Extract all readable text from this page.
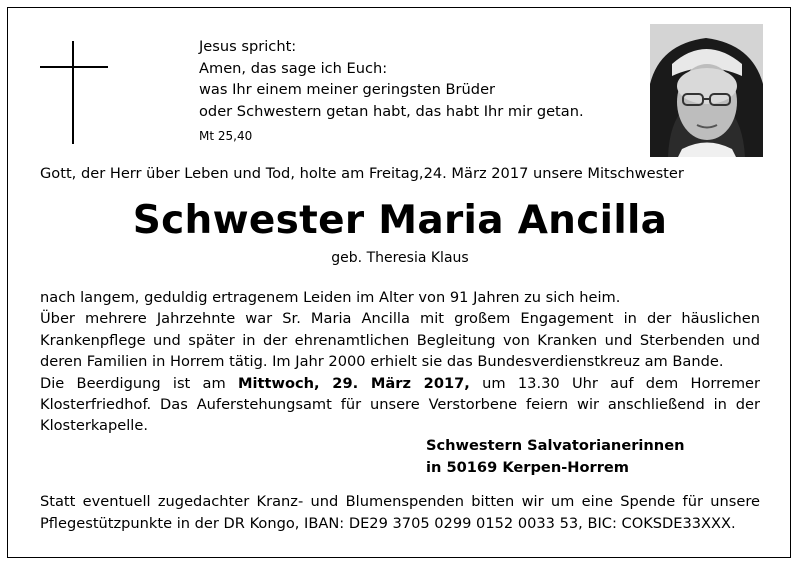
Jesus spricht:
Amen, das sage ich Euch:
was Ihr einem meiner geringsten Brüder
oder Schwestern getan habt, das habt Ihr mir getan.
Mt 25,40
Gott, der Herr über Leben und Tod, holte am Freitag,24. März 2017 unsere Mitschwester
Schwester Maria Ancilla
geb. Theresia Klaus

nach langem, geduldig ertragenem Leiden im Alter von 91 Jahren zu sich heim.

Über mehrere Jahrzehnte war Sr. Maria Ancilla mit großem Engagement in der häuslichen Krankenpflege und später in der ehrenamtlichen Begleitung von Kranken und Sterbenden und deren Familien in Horrem tätig. Im Jahr 2000 erhielt sie das Bundesverdienstkreuz am Bande.

Die Beerdigung ist am Mittwoch, 29. März 2017, um 13.30 Uhr auf dem Horremer Klosterfriedhof. Das Auferstehungsamt für unsere Verstorbene feiern wir anschließend in der Klosterkapelle.

Schwestern Salvatorianerinnen
in 50169 Kerpen-Horrem
Statt eventuell zugedachter Kranz- und Blumenspenden bitten wir um eine Spende für unsere
Pflegestützpunkte in der DR Kongo, IBAN: DE29 3705 0299 0152 0033 53, BIC: COKSDE33XXX.
